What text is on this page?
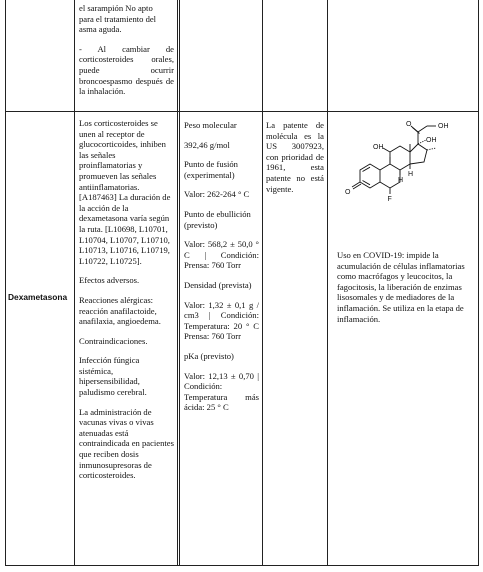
el sarampión No apto

para el tratamiento del

asma aguda.

- Al cambiar de corticosteroides orales, puede ocurrir broncoespasmo después de la inhalación.

Dexametasona

Los corticosteroides se unen al receptor de glucocorticoides, inhiben las señales proinflamatorias y promueven las señales antiinflamatorias. [A187463] La duración de la acción de la dexametasona varía según la ruta. [L10698, L10701, L10704, L10707, L10710, L10713, L10716, L10719, L10722, L10725].

Efectos adversos.

Reacciones alérgicas: reacción anafilactoide, anafilaxia, angioedema.

Contraindicaciones.

Infección fúngica sistémica, hipersensibilidad, paludismo cerebral.

La administración de vacunas vivas o vivas atenuadas está contraindicada en pacientes que reciben dosis inmunosupresoras de corticosteroides.

Peso molecular

392,46 g/mol

Punto de fusión (experimental)

Valor: 262-264 ° C

Punto de ebullición (previsto)

Valor: 568,2 ± 50,0 ° C | Condición: Prensa: 760 Torr

Densidad (prevista)

Valor: 1,32 ± 0,1 g / cm3 | Condición: Temperatura: 20 ° C Prensa: 760 Torr

pKa (previsto)

Valor: 12,13 ± 0,70 | Condición: Temperatura más ácida: 25 ° C

La patente de molécula es la US 3007923, con prioridad de 1961, esta patente no está vigente.

OH
O
OH
OH
H
H
F
O

Uso en COVID-19: impide la acumulación de células inflamatorias como macrófagos y leucocitos, la fagocitosis, la liberación de enzimas lisosomales y de mediadores de la inflamación. Se utiliza en la etapa de inflamación.
